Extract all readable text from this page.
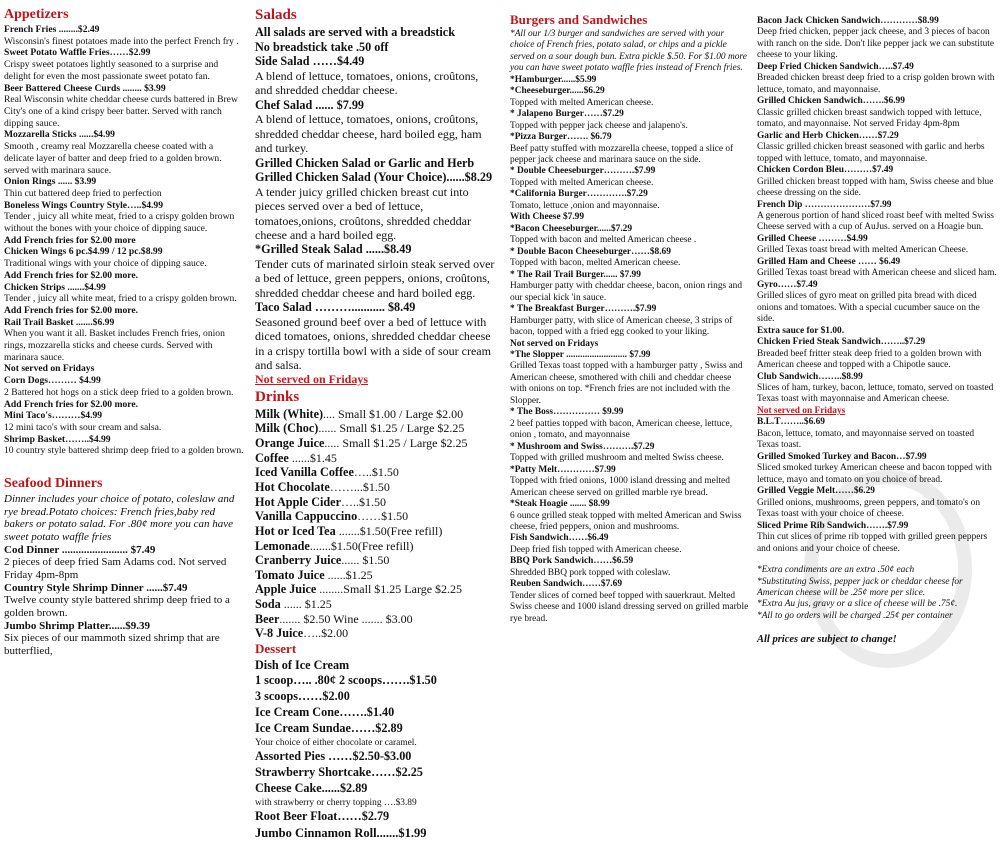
Appetizers
French Fries ........$2.49
Wisconsin's finest potatoes made into the perfect French fry .
Sweet Potato Waffle Fries……$2.99
Crispy sweet potatoes lightly seasoned to a surprise and delight for even the most passionate sweet potato fan.
Beer Battered Cheese Curds ........ $3.99
Real Wisconsin white cheddar cheese curds battered in Brew City's one of a kind crispy beer batter. Served with ranch dipping sauce.
Mozzarella Sticks ......$4.99
Smooth , creamy real Mozzarella cheese coated with a delicate layer of batter and deep fried to a golden brown. served with marinara sauce.
Onion Rings ...... $3.99
Thin cut battered deep fried to perfection
Boneless Wings Country Style…..$4.99
Tender , juicy all white meat, fried to a crispy golden brown without the bones with your choice of dipping sauce.
Add French fries for $2.00 more
Chicken Wings 6 pc.$4.99 / 12 pc.$8.99
Traditional wings with your choice of dipping sauce.
Add French fries for $2.00 more.
Chicken Strips .......$4.99
Tender , juicy all white meat, fried to a crispy golden brown.
Add French fries for $2.00 more.
Rail Trail Basket .......$6.99
When you want it all. Basket includes French fries, onion rings, mozzarella sticks and cheese curds. Served with marinara sauce.
Not served on Fridays
Corn Dogs……… $4.99
2 Battered hot hogs on a stick deep fried to a golden brown.
Add French fries for $2.00 more.
Mini Taco's………$4.99
12 mini taco's with sour cream and salsa.
Shrimp Basket……..$4.99
10 country style battered shrimp deep fried to a golden brown.
Seafood Dinners
Dinner includes your choice of potato, coleslaw and rye bread.Potato choices: French fries,baby red bakers or potato salad. For .80¢ more you can have sweet potato waffle fries
Cod Dinner ........................ $7.49
2 pieces of deep fried Sam Adams cod. Not served Friday 4pm-8pm
Country Style Shrimp Dinner ......$7.49
Twelve county style battered shrimp deep fried to a golden brown.
Jumbo Shrimp Platter......$9.39
Six pieces of our mammoth sized shrimp that are butterflied,
Salads
All salads are served with a breadstick
No breadstick take .50 off
Side Salad ……$4.49
A blend of lettuce, tomatoes, onions, croûtons, and shredded cheddar cheese.
Chef Salad ...... $7.99
A blend of lettuce, tomatoes, onions, croûtons, shredded cheddar cheese, hard boiled egg, ham and turkey.
Grilled Chicken Salad or Garlic and Herb Grilled Chicken Salad (Your Choice)......$8.29
A tender juicy grilled chicken breast cut into pieces served over a bed of lettuce, tomatoes,onions, croûtons, shredded cheddar cheese and a hard boiled egg.
*Grilled Steak Salad ......$8.49
Tender cuts of marinated sirloin steak served over a bed of lettuce, green peppers, onions, croûtons, shredded cheddar cheese and hard boiled egg.
Taco Salad ………........... $8.49
Seasoned ground beef over a bed of lettuce with diced tomatoes, onions, shredded cheddar cheese in a crispy tortilla bowl with a side of sour cream and salsa.
Not served on Fridays
Drinks
Milk (White).... Small $1.00 / Large $2.00
Milk (Choc)...... Small $1.25 / Large $2.25
Orange Juice..... Small $1.25 / Large $2.25
Coffee ......$1.45
Iced Vanilla Coffee…..$1.50
Hot Chocolate……...$1.50
Hot Apple Cider…..$1.50
Vanilla Cappuccino……$1.50
Hot or Iced Tea .......$1.50(Free refill)
Lemonade.......$1.50(Free refill)
Cranberry Juice...... $1.50
Tomato Juice ......$1.25
Apple Juice ........Small $1.25 Large $2.25
Soda ...... $1.25
Beer....... $2.50 Wine ....... $3.00
V-8 Juice…..$2.00
Dessert
Dish of Ice Cream
1 scoop….. .80¢ 2 scoops…….$1.50
3 scoops……$2.00
Ice Cream Cone…….$1.40
Ice Cream Sundae……$2.89
Your choice of either chocolate or caramel.
Assorted Pies ……$2.50-$3.00
Strawberry Shortcake……$2.25
Cheese Cake......$2.89
with strawberry or cherry topping ….$3.89
Root Beer Float……$2.79
Jumbo Cinnamon Roll.......$1.99
Burgers and Sandwiches
*All our 1/3 burger and sandwiches are served with your choice of French fries, potato salad, or chips and a pickle served on a sour dough bun. Extra pickle $.50. For $1.00 more you can have sweet potato waffle fries instead of French fries.
*Hamburger......$5.99
*Cheeseburger......$6.29
Topped with melted American cheese.
* Jalapeno Burger……$7.29
Topped with pepper jack cheese and jalapeno's.
*Pizza Burger……. $6.79
Beef patty stuffed with mozzarella cheese, topped a slice of pepper jack cheese and marinara sauce on the side.
* Double Cheeseburger……….$7.99
Topped with melted American cheese.
*California Burger………….$7.29
Tomato, lettuce ,onion and mayonnaise.
With Cheese $7.99
*Bacon Cheeseburger......$7.29
Topped with bacon and melted American cheese .
* Double Bacon Cheeseburger……$8.69
Topped with bacon, melted American cheese.
* The Rail Trail Burger...... $7.99
Hamburger patty with cheddar cheese, bacon, onion rings and our special kick 'in sauce.
* The Breakfast Burger……….$7.99
Hamburger patty, with slice of American cheese, 3 strips of bacon, topped with a fried egg cooked to your liking.
Not served on Fridays
*The Slopper .......................... $7.99
Grilled Texas toast topped with a hamburger patty , Swiss and American cheese, smothered with chili and cheddar cheese with onions on top. *French fries are not included with the Slopper.
* The Boss…………… $9.99
2 beef patties topped with bacon, American cheese, lettuce, onion , tomato, and mayonnaise
* Mushroom and Swiss……….$7.29
Topped with grilled mushroom and melted Swiss cheese.
*Patty Melt…………$7.99
Topped with fried onions, 1000 island dressing and melted American cheese served on grilled marble rye bread.
*Steak Hoagie ....... $8.99
6 ounce grilled steak topped with melted American and Swiss cheese, fried peppers, onion and mushrooms.
Fish Sandwich……$6.49
Deep fried fish topped with American cheese.
BBQ Pork Sandwich……$6.59
Shredded BBQ pork topped with coleslaw.
Reuben Sandwich……$7.69
Tender slices of corned beef topped with sauerkraut. Melted Swiss cheese and 1000 island dressing served on grilled marble rye bread.
Bacon Jack Chicken Sandwich…………$8.99
Deep fried chicken, pepper jack cheese, and 3 pieces of bacon with ranch on the side. Don't like pepper jack we can substitute cheese to your liking.
Deep Fried Chicken Sandwich…..$7.49
Breaded chicken breast deep fried to a crisp golden brown with lettuce, tomato, and mayonnaise.
Grilled Chicken Sandwich…….$6.99
Classic grilled chicken breast sandwich topped with lettuce, tomato, and mayonnaise. Not served Friday 4pm-8pm
Garlic and Herb Chicken……$7.29
Classic grilled chicken breast seasoned with garlic and herbs topped with lettuce, tomato, and mayonnaise.
Chicken Cordon Bleu………$7.49
Grilled chicken breast topped with ham, Swiss cheese and blue cheese dressing on the side.
French Dip …………………$7.99
A generous portion of hand sliced roast beef with melted Swiss Cheese served with a cup of AuJus. served on a Hoagie bun.
Grilled Cheese ………$4.99
Grilled Texas toast bread with melted American Cheese.
Grilled Ham and Cheese …… $6.49
Grilled Texas toast bread with American cheese and sliced ham.
Gyro……$7.49
Grilled slices of gyro meat on grilled pita bread with diced onions and tomatoes. With a special cucumber sauce on the side.
Extra sauce for $1.00.
Chicken Fried Steak Sandwich……..$7.29
Breaded beef fritter steak deep fried to a golden brown with American cheese and topped with a Chipotle sauce.
Club Sandwich……..$8.99
Slices of ham, turkey, bacon, lettuce, tomato, served on toasted Texas toast with mayonnaise and American cheese.
Not served on Fridays
B.L.T……..$6.69
Bacon, lettuce, tomato, and mayonnaise served on toasted Texas toast.
Grilled Smoked Turkey and Bacon…$7.99
Sliced smoked turkey American cheese and bacon topped with lettuce, mayo and tomato on you choice of bread.
Grilled Veggie Melt……$6.29
Grilled onions, mushrooms, green peppers, and tomato's on Texas toast with your choice of cheese.
Sliced Prime Rib Sandwich…….$7.99
Thin cut slices of prime rib topped with grilled green peppers and onions and your choice of cheese.
*Extra condiments are an extra .50¢ each
*Substituting Swiss, pepper jack or cheddar cheese for American cheese will be .25¢ more per slice.
*Extra Au jus, gravy or a slice of cheese will be .75¢.
*All to go orders will be charged .25¢ per container
All prices are subject to change!
